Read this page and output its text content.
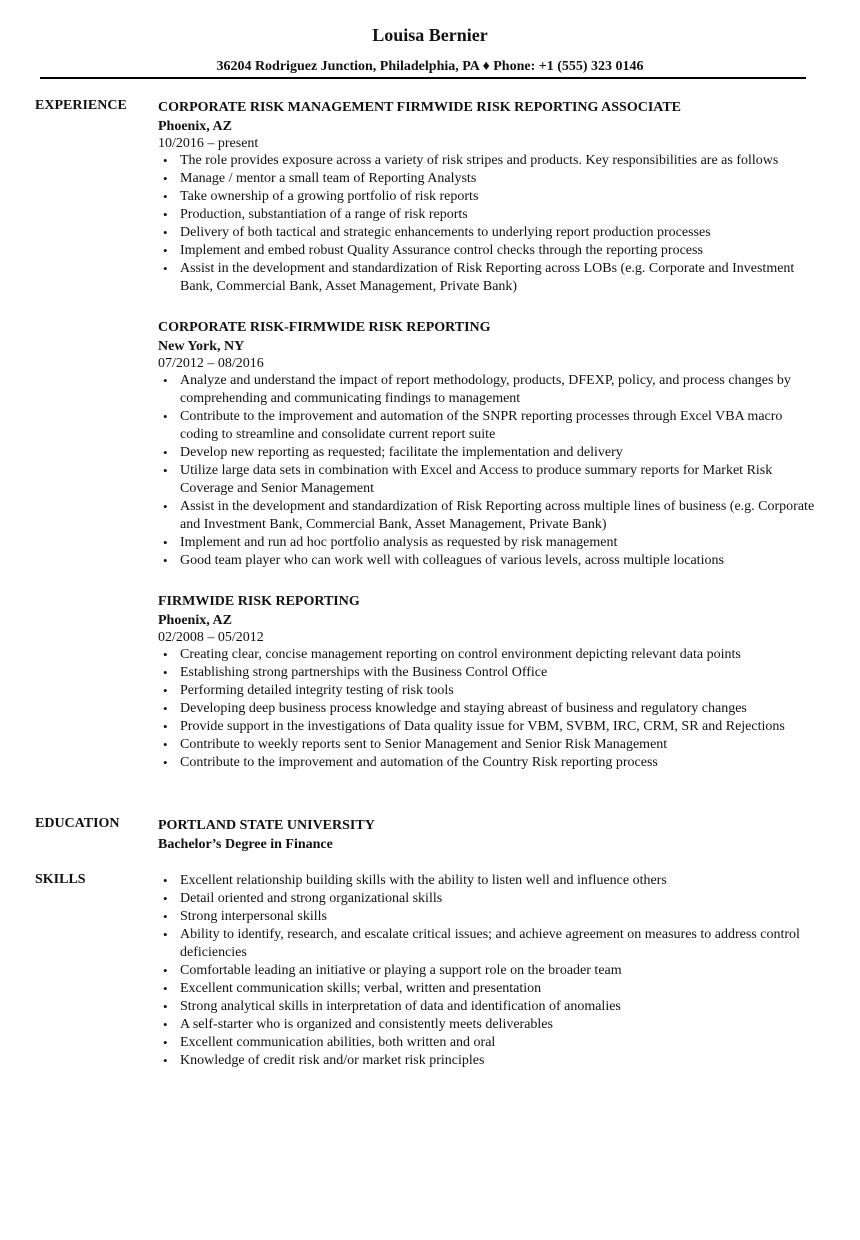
Louisa Bernier
36204 Rodriguez Junction, Philadelphia, PA ♦ Phone: +1 (555) 323 0146
EXPERIENCE CORPORATE RISK MANAGEMENT FIRMWIDE RISK REPORTING ASSOCIATE
Phoenix, AZ
10/2016 – present
• The role provides exposure across a variety of risk stripes and products. Key responsibilities are as follows
• Manage / mentor a small team of Reporting Analysts
• Take ownership of a growing portfolio of risk reports
• Production, substantiation of a range of risk reports
• Delivery of both tactical and strategic enhancements to underlying report production processes
• Implement and embed robust Quality Assurance control checks through the reporting process
• Assist in the development and standardization of Risk Reporting across LOBs (e.g. Corporate and Investment Bank, Commercial Bank, Asset Management, Private Bank)
CORPORATE RISK-FIRMWIDE RISK REPORTING
New York, NY
07/2012 – 08/2016
• Analyze and understand the impact of report methodology, products, DFEXP, policy, and process changes by comprehending and communicating findings to management
• Contribute to the improvement and automation of the SNPR reporting processes through Excel VBA macro coding to streamline and consolidate current report suite
• Develop new reporting as requested; facilitate the implementation and delivery
• Utilize large data sets in combination with Excel and Access to produce summary reports for Market Risk Coverage and Senior Management
• Assist in the development and standardization of Risk Reporting across multiple lines of business (e.g. Corporate and Investment Bank, Commercial Bank, Asset Management, Private Bank)
• Implement and run ad hoc portfolio analysis as requested by risk management
• Good team player who can work well with colleagues of various levels, across multiple locations
FIRMWIDE RISK REPORTING
Phoenix, AZ
02/2008 – 05/2012
• Creating clear, concise management reporting on control environment depicting relevant data points
• Establishing strong partnerships with the Business Control Office
• Performing detailed integrity testing of risk tools
• Developing deep business process knowledge and staying abreast of business and regulatory changes
• Provide support in the investigations of Data quality issue for VBM, SVBM, IRC, CRM, SR and Rejections
• Contribute to weekly reports sent to Senior Management and Senior Risk Management
• Contribute to the improvement and automation of the Country Risk reporting process
EDUCATION	PORTLAND STATE UNIVERSITY
Bachelor’s Degree in Finance
SKILLS
•	Excellent relationship building skills with the ability to listen well and influence others
• Detail oriented and strong organizational skills
• Strong interpersonal skills
• Ability to identify, research, and escalate critical issues; and achieve agreement on measures to address control deficiencies
• Comfortable leading an initiative or playing a support role on the broader team
• Excellent communication skills; verbal, written and presentation
• Strong analytical skills in interpretation of data and identification of anomalies
• A self-starter who is organized and consistently meets deliverables
• Excellent communication abilities, both written and oral
• Knowledge of credit risk and/or market risk principles
